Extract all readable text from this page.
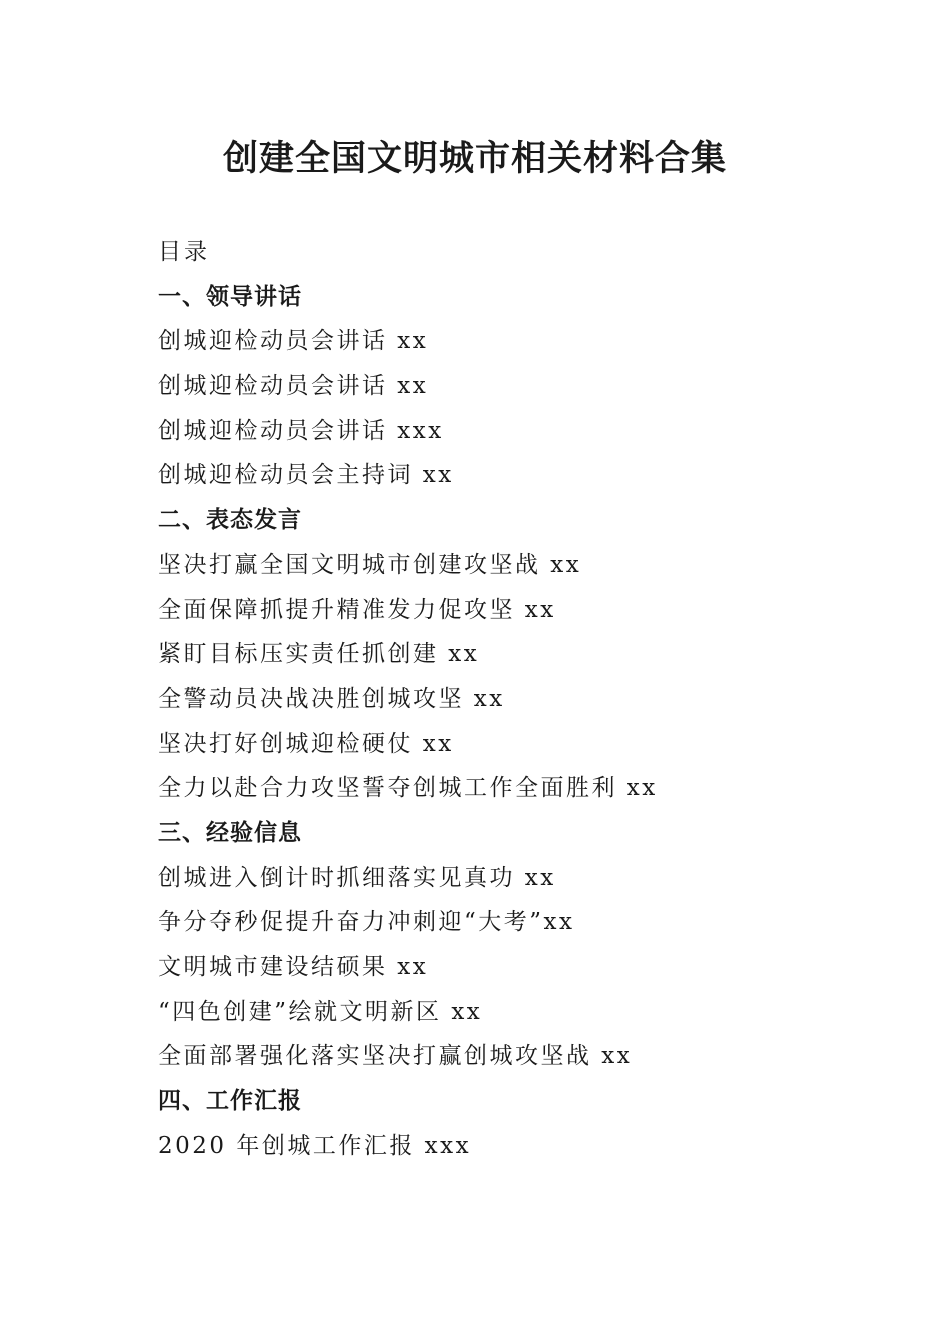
创建全国文明城市相关材料合集
目录
一、领导讲话
创城迎检动员会讲话 xx
创城迎检动员会讲话 xx
创城迎检动员会讲话 xxx
创城迎检动员会主持词 xx
二、表态发言
坚决打赢全国文明城市创建攻坚战 xx
全面保障抓提升精准发力促攻坚 xx
紧盯目标压实责任抓创建 xx
全警动员决战决胜创城攻坚 xx
坚决打好创城迎检硬仗 xx
全力以赴合力攻坚誓夺创城工作全面胜利 xx
三、经验信息
创城进入倒计时抓细落实见真功 xx
争分夺秒促提升奋力冲刺迎“大考”xx
文明城市建设结硕果 xx
“四色创建”绘就文明新区 xx
全面部署强化落实坚决打赢创城攻坚战 xx
四、工作汇报
2020 年创城工作汇报 xxx
